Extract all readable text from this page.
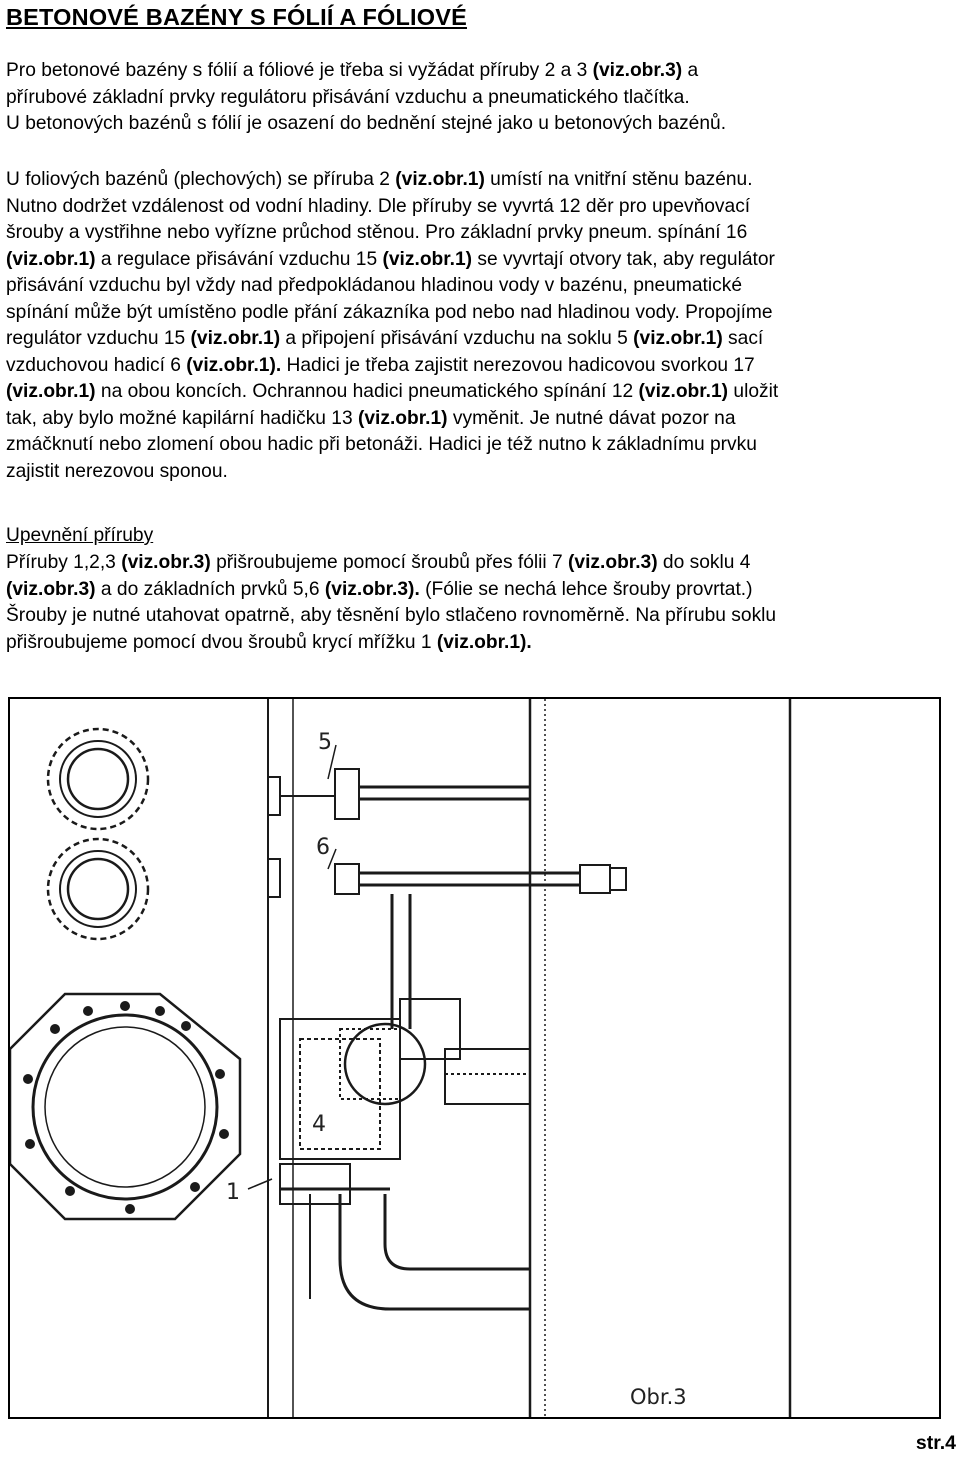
BETONOVÉ BAZÉNY S FÓLIÍ A FÓLIOVÉ
Pro betonové bazény s fólií a fóliové je třeba si vyžádat příruby 2 a 3 (viz.obr.3) a
přírubové základní prvky regulátoru přisávání vzduchu a pneumatického tlačítka.
U betonových bazénů s fólií je osazení do bednění stejné jako u betonových bazénů.
U foliových bazénů (plechových) se příruba 2 (viz.obr.1) umístí na vnitřní stěnu bazénu.
Nutno dodržet vzdálenost od vodní hladiny. Dle příruby se vyvrtá 12 děr pro upevňovací
šrouby a vystřihne nebo vyřízne průchod stěnou. Pro základní prvky pneum. spínání 16
(viz.obr.1) a regulace přisávání vzduchu 15 (viz.obr.1) se vyvrtají otvory tak, aby regulátor
přisávání vzduchu byl vždy nad předpokládanou hladinou vody v bazénu, pneumatické
spínání může být umístěno podle přání zákazníka pod nebo nad hladinou vody. Propojíme
regulátor vzduchu 15 (viz.obr.1) a připojení přisávání vzduchu na soklu 5 (viz.obr.1) sací
vzduchovou hadicí 6 (viz.obr.1). Hadici je třeba zajistit nerezovou hadicovou svorkou 17
(viz.obr.1) na obou koncích. Ochrannou hadici pneumatického spínání 12 (viz.obr.1) uložit
tak, aby bylo možné kapilární hadičku 13 (viz.obr.1) vyměnit. Je nutné dávat pozor na
zmáčknutí nebo zlomení obou hadic při betonáži. Hadici je též nutno k základnímu prvku
zajistit nerezovou sponou.
Upevnění příruby
Příruby 1,2,3 (viz.obr.3) přišroubujeme pomocí šroubů přes fólii 7 (viz.obr.3) do soklu 4
(viz.obr.3) a do základních prvků 5,6 (viz.obr.3). (Fólie se nechá lehce šrouby provrtat.)
Šrouby je nutné utahovat opatrně, aby těsnění bylo stlačeno rovnoměrně. Na přírubu soklu
přišroubujeme pomocí dvou šroubů krycí mřížku 1 (viz.obr.1).
5
6
4
1
Obr.3
str.4
